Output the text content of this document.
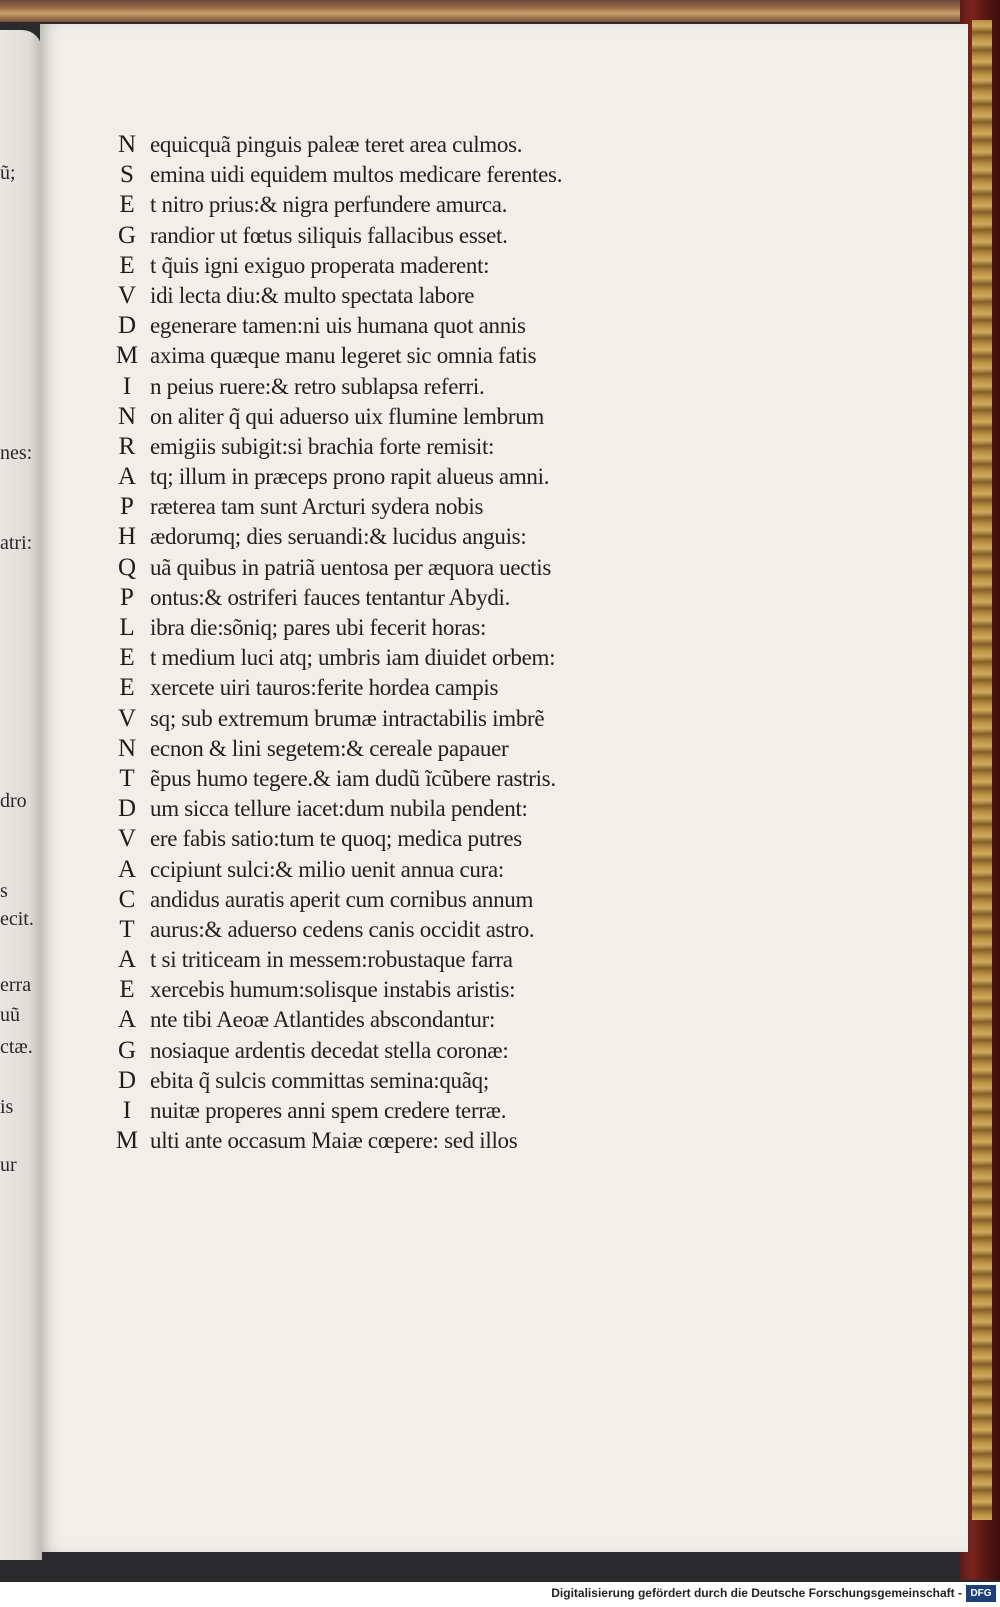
ũ;
nes:
atri:
dro
s
ecit.
erra
uũ
ctæ.
is
ur
N equicquã pinguis paleæ teret area culmos.
S emina uidi equidem multos medicare ferentes.
E t nitro prius:& nigra perfundere amurca.
G randior ut fœtus siliquis fallacibus esset.
E t q̃uis igni exiguo properata maderent:
V idi lecta diu:& multo spectata labore
D egenerare tamen:ni uis humana quot annis
M axima quæque manu legeret sic omnia fatis
I n peius ruere:& retro sublapsa referri.
N on aliter q̃ qui aduerso uix flumine lembrum
R emigiis subigit:si brachia forte remisit:
A tq; illum in præceps prono rapit alueus amni.
P ræterea tam sunt Arcturi sydera nobis
H ædorumq; dies seruandi:& lucidus anguis:
Q uã quibus in patriã uentosa per æquora uectis
P ontus:& ostriferi fauces tentantur Abydi.
L ibra die:sõniq; pares ubi fecerit horas:
E t medium luci atq; umbris iam diuidet orbem:
E xercete uiri tauros:ferite hordea campis
V sq; sub extremum brumæ intractabilis imbrẽ
N ecnon & lini segetem:& cereale papauer
T ẽpus humo tegere.& iam dudũ ĩcũbere rastris.
D um sicca tellure iacet:dum nubila pendent:
V ere fabis satio:tum te quoq; medica putres
A ccipiunt sulci:& milio uenit annua cura:
C andidus auratis aperit cum cornibus annum
T aurus:& aduerso cedens canis occidit astro.
A t si triticeam in messem:robustaque farra
E xercebis humum:solisque instabis aristis:
A nte tibi Aeoæ Atlantides abscondantur:
G nosiaque ardentis decedat stella coronæ:
D ebita q̃ sulcis committas semina:quãq;
I nuitæ properes anni spem credere terræ.
M ulti ante occasum Maiæ cœpere: sed illos
Digitalisierung gefördert durch die Deutsche Forschungsgemeinschaft - DFG
